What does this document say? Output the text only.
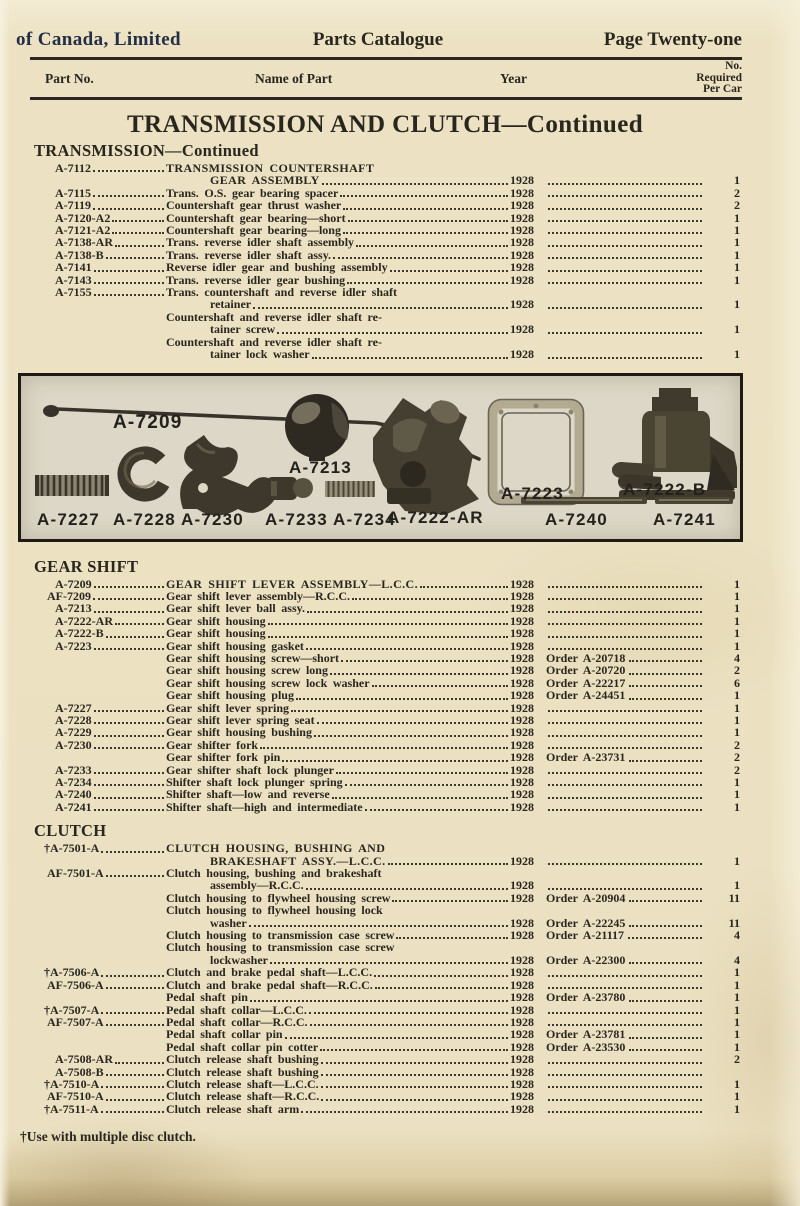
of Canada, Limited	Parts Catalogue	Page Twenty-one
Part No.	Name of Part	Year
No.
Required
Per Car
TRANSMISSION AND CLUTCH—Continued
TRANSMISSION—Continued
A-7112	TRANSMISSION COUNTERSHAFT
GEAR ASSEMBLY	1928	1
A-7115	Trans. O.S. gear bearing spacer	1928	2
A-7119	Countershaft gear thrust washer	1928	2
A-7120-A2	Countershaft gear bearing—short	1928	1
A-7121-A2	Countershaft gear bearing—long	1928	1
A-7138-AR	Trans. reverse idler shaft assembly	1928	1
A-7138-B	Trans. reverse idler shaft assy.	1928	1
A-7141	Reverse idler gear and bushing assembly	1928	1
A-7143	Trans. reverse idler gear bushing	1928	1
A-7155	Trans. countershaft and reverse idler shaft
retainer	1928	1
Countershaft and reverse idler shaft re-
tainer screw	1928	1
Countershaft and reverse idler shaft re-
tainer lock washer	1928	1
A-7209
A-7213
A-7222-AR
A-7223	A-7222-B
A-7227 A-7228 A-7230 A-7233 A-7234	A-7240	A-7241
GEAR SHIFT
A-7209	GEAR SHIFT LEVER ASSEMBLY—L.C.C.	1928	1
AF-7209	Gear shift lever assembly—R.C.C.	1928	1
A-7213	Gear shift lever ball assy.	1928	1
A-7222-AR	Gear shift housing	1928	1
A-7222-B	Gear shift housing	1928	1
A-7223	Gear shift housing gasket	1928	1
Gear shift housing screw—short	1928 Order A-20718	4
Gear shift housing screw long	1928 Order A-20720	2
Gear shift housing screw lock washer	1928 Order A-22217	6
Gear shift housing plug	1928 Order A-24451	1
A-7227	Gear shift lever spring	1928	1
A-7228	Gear shift lever spring seat	1928	1
A-7229	Gear shift housing bushing	1928	1
A-7230	Gear shifter fork	1928	2
Gear shifter fork pin	1928 Order A-23731	2
A-7233	Gear shifter shaft lock plunger	1928	2
A-7234	Shifter shaft lock plunger spring	1928	1
A-7240	Shifter shaft—low and reverse	1928	1
A-7241	Shifter shaft—high and intermediate	1928	1
CLUTCH
†A-7501-A	CLUTCH HOUSING, BUSHING AND
BRAKESHAFT ASSY.—L.C.C.	1928	1
AF-7501-A	Clutch housing, bushing and brakeshaft
assembly—R.C.C.	1928	1
Clutch housing to flywheel housing screw	1928 Order A-20904	11
Clutch housing to flywheel housing lock
washer	1928 Order A-22245	11
Clutch housing to transmission case screw	1928 Order A-21117	4
Clutch housing to transmission case screw
lockwasher	1928 Order A-22300	4
†A-7506-A	Clutch and brake pedal shaft—L.C.C.	1928	1
AF-7506-A	Clutch and brake pedal shaft—R.C.C.	1928	1
Pedal shaft pin	1928 Order A-23780	1
†A-7507-A	Pedal shaft collar—L.C.C.	1928	1
AF-7507-A	Pedal shaft collar—R.C.C.	1928	1
Pedal shaft collar pin	1928 Order A-23781	1
Pedal shaft collar pin cotter	1928 Order A-23530	1
A-7508-AR	Clutch release shaft bushing	1928	2
A-7508-B	Clutch release shaft bushing	1928
†A-7510-A	Clutch release shaft—L.C.C.	1928	1
AF-7510-A	Clutch release shaft—R.C.C.	1928	1
†A-7511-A	Clutch release shaft arm	1928	1
†Use with multiple disc clutch.
